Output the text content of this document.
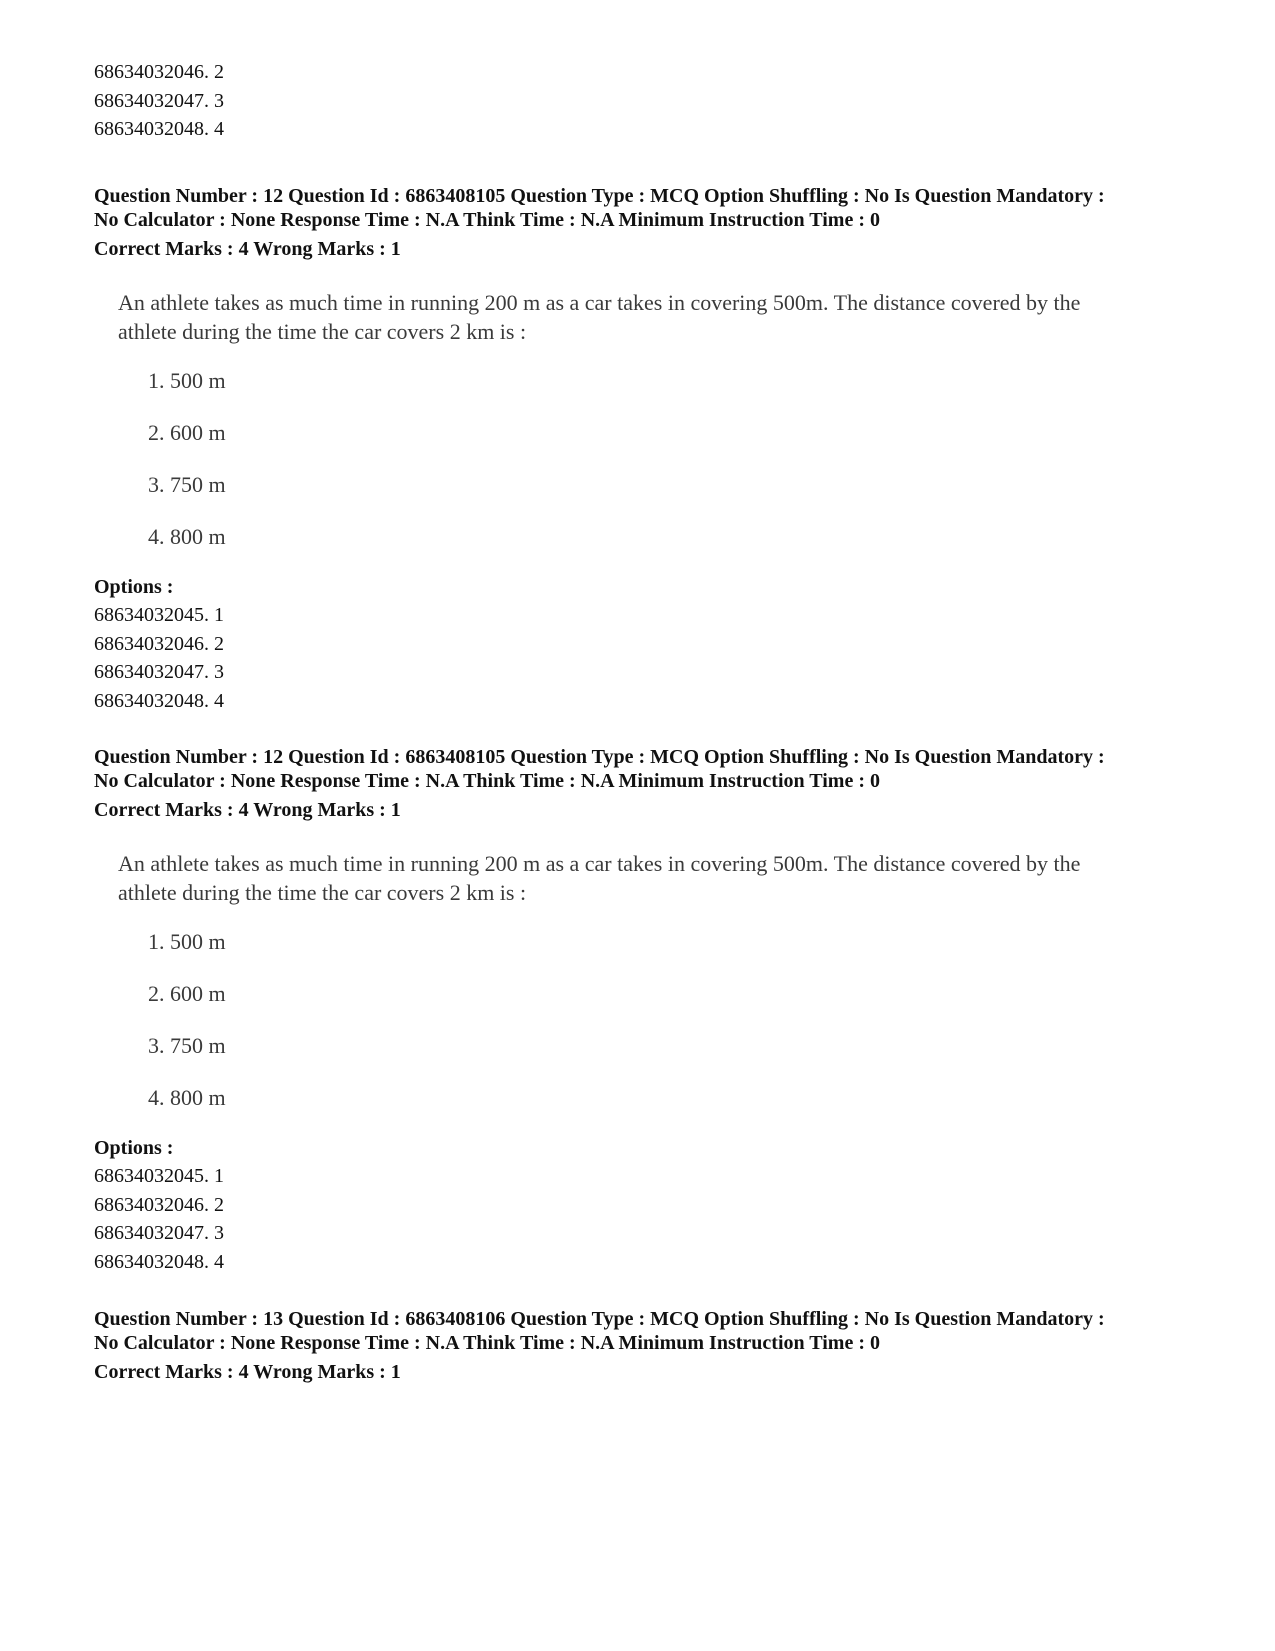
68634032046. 2
68634032047. 3
68634032048. 4
Question Number : 12 Question Id : 6863408105 Question Type : MCQ Option Shuffling : No Is Question Mandatory :
No Calculator : None Response Time : N.A Think Time : N.A Minimum Instruction Time : 0
Correct Marks : 4 Wrong Marks : 1
An athlete takes as much time in running 200 m as a car takes in covering 500m. The distance covered by the
athlete during the time the car covers 2 km is :
1. 500 m
2. 600 m
3. 750 m
4. 800 m
Options :
68634032045. 1
68634032046. 2
68634032047. 3
68634032048. 4
Question Number : 12 Question Id : 6863408105 Question Type : MCQ Option Shuffling : No Is Question Mandatory :
No Calculator : None Response Time : N.A Think Time : N.A Minimum Instruction Time : 0
Correct Marks : 4 Wrong Marks : 1
An athlete takes as much time in running 200 m as a car takes in covering 500m. The distance covered by the
athlete during the time the car covers 2 km is :
1. 500 m
2. 600 m
3. 750 m
4. 800 m
Options :
68634032045. 1
68634032046. 2
68634032047. 3
68634032048. 4
Question Number : 13 Question Id : 6863408106 Question Type : MCQ Option Shuffling : No Is Question Mandatory :
No Calculator : None Response Time : N.A Think Time : N.A Minimum Instruction Time : 0
Correct Marks : 4 Wrong Marks : 1
